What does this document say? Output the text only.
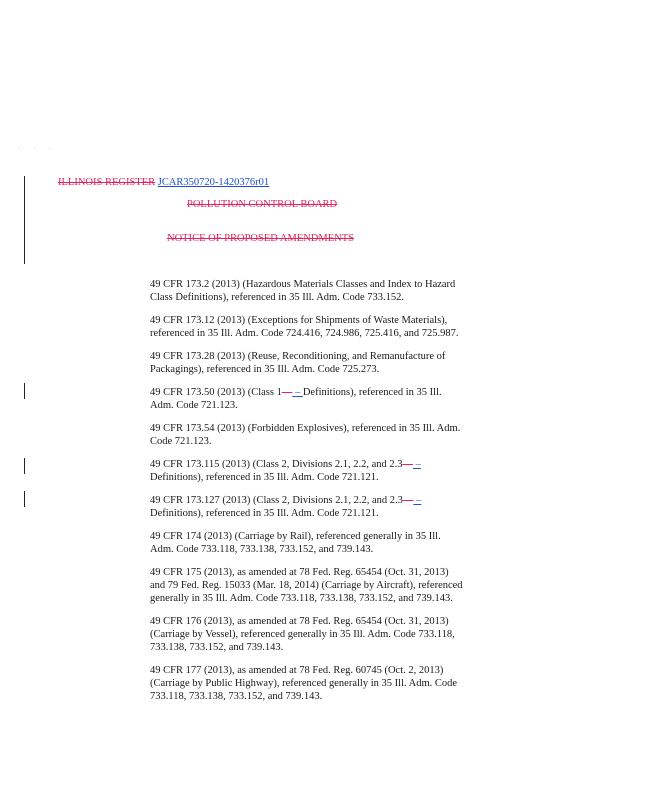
. . .
ILLINOIS REGISTER JCAR350720-1420376r01
POLLUTION CONTROL BOARD
NOTICE OF PROPOSED AMENDMENTS

49 CFR 173.2 (2013) (Hazardous Materials Classes and Index to Hazard
Class Definitions), referenced in 35 Ill. Adm. Code 733.152.

49 CFR 173.12 (2013) (Exceptions for Shipments of Waste Materials),
referenced in 35 Ill. Adm. Code 724.416, 724.986, 725.416, and 725.987.

49 CFR 173.28 (2013) (Reuse, Reconditioning, and Remanufacture of
Packagings), referenced in 35 Ill. Adm. Code 725.273.

49 CFR 173.50 (2013) (Class 1— – Definitions), referenced in 35 Ill.
Adm. Code 721.123.

49 CFR 173.54 (2013) (Forbidden Explosives), referenced in 35 Ill. Adm.
Code 721.123.

49 CFR 173.115 (2013) (Class 2, Divisions 2.1, 2.2, and 2.3— –
Definitions), referenced in 35 Ill. Adm. Code 721.121.

49 CFR 173.127 (2013) (Class 2, Divisions 2.1, 2.2, and 2.3— –
Definitions), referenced in 35 Ill. Adm. Code 721.121.

49 CFR 174 (2013) (Carriage by Rail), referenced generally in 35 Ill.
Adm. Code 733.118, 733.138, 733.152, and 739.143.

49 CFR 175 (2013), as amended at 78 Fed. Reg. 65454 (Oct. 31, 2013)
and 79 Fed. Reg. 15033 (Mar. 18, 2014) (Carriage by Aircraft), referenced
generally in 35 Ill. Adm. Code 733.118, 733.138, 733.152, and 739.143.

49 CFR 176 (2013), as amended at 78 Fed. Reg. 65454 (Oct. 31, 2013)
(Carriage by Vessel), referenced generally in 35 Ill. Adm. Code 733.118,
733.138, 733.152, and 739.143.

49 CFR 177 (2013), as amended at 78 Fed. Reg. 60745 (Oct. 2, 2013)
(Carriage by Public Highway), referenced generally in 35 Ill. Adm. Code
733.118, 733.138, 733.152, and 739.143.
